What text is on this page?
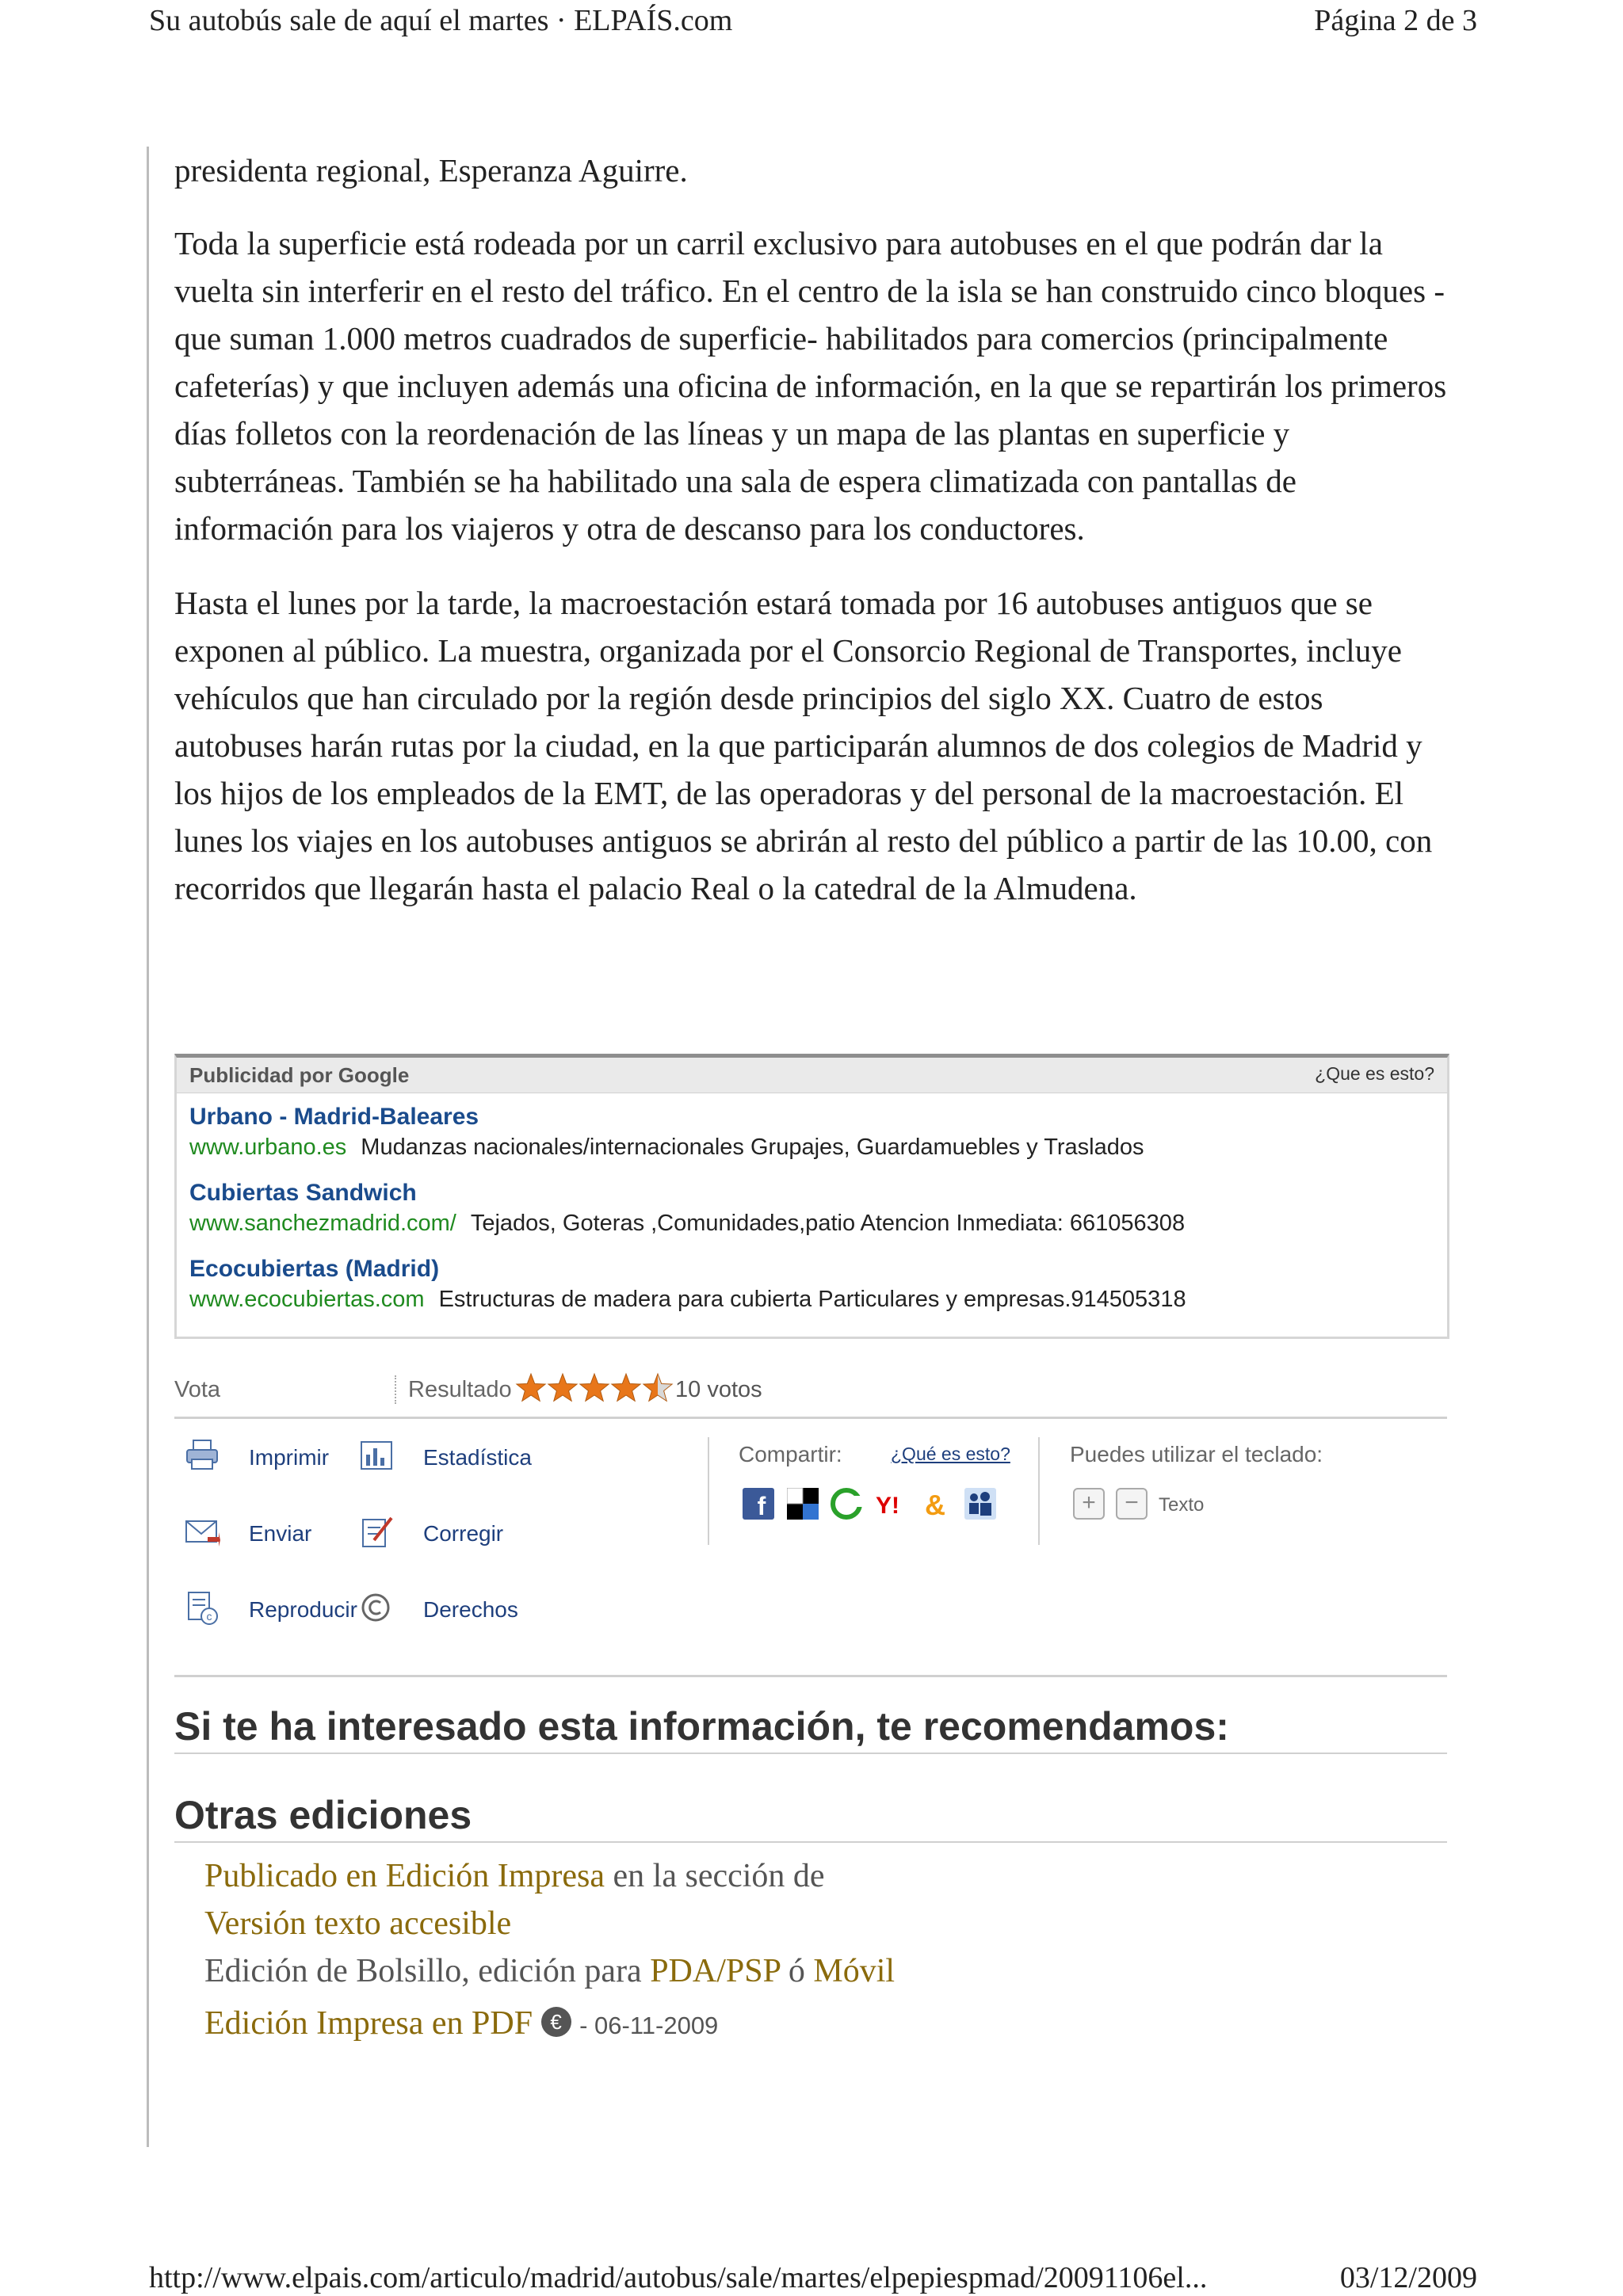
Su autobús sale de aquí el martes · ELPAÍS.com	Página 2 de 3

presidenta regional, Esperanza Aguirre.

Toda la superficie está rodeada por un carril exclusivo para autobuses en el que podrán dar la vuelta sin interferir en el resto del tráfico. En el centro de la isla se han construido cinco bloques -que suman 1.000 metros cuadrados de superficie- habilitados para comercios (principalmente cafeterías) y que incluyen además una oficina de información, en la que se repartirán los primeros días folletos con la reordenación de las líneas y un mapa de las plantas en superficie y subterráneas. También se ha habilitado una sala de espera climatizada con pantallas de información para los viajeros y otra de descanso para los conductores.

Hasta el lunes por la tarde, la macroestación estará tomada por 16 autobuses antiguos que se exponen al público. La muestra, organizada por el Consorcio Regional de Transportes, incluye vehículos que han circulado por la región desde principios del siglo XX. Cuatro de estos autobuses harán rutas por la ciudad, en la que participarán alumnos de dos colegios de Madrid y los hijos de los empleados de la EMT, de las operadoras y del personal de la macroestación. El lunes los viajes en los autobuses antiguos se abrirán al resto del público a partir de las 10.00, con recorridos que llegarán hasta el palacio Real o la catedral de la Almudena.

Publicidad por Google	¿Que es esto?
Urbano - Madrid-Baleares
www.urbano.es Mudanzas nacionales/internacionales Grupajes, Guardamuebles y Traslados
Cubiertas Sandwich
www.sanchezmadrid.com/ Tejados, Goteras ,Comunidades,patio Atencion Inmediata: 661056308
Ecocubiertas (Madrid)
www.ecocubiertas.com Estructuras de madera para cubierta Particulares y empresas.914505318
Vota	Resultado	10 votos
Imprimir	Estadística
Enviar	Corregir
c Reproducir	Derechos
Compartir:	¿Qué es esto?
f	Y! &
Puedes utilizar el teclado:
+	−	Texto
Si te ha interesado esta información, te recomendamos:
Otras ediciones
Publicado en Edición Impresa en la sección de
Versión texto accesible
Edición de Bolsillo, edición para PDA/PSP ó Móvil
Edición Impresa en PDF € - 06-11-2009
http://www.elpais.com/articulo/madrid/autobus/sale/martes/elpepiespmad/20091106el...	03/12/2009
